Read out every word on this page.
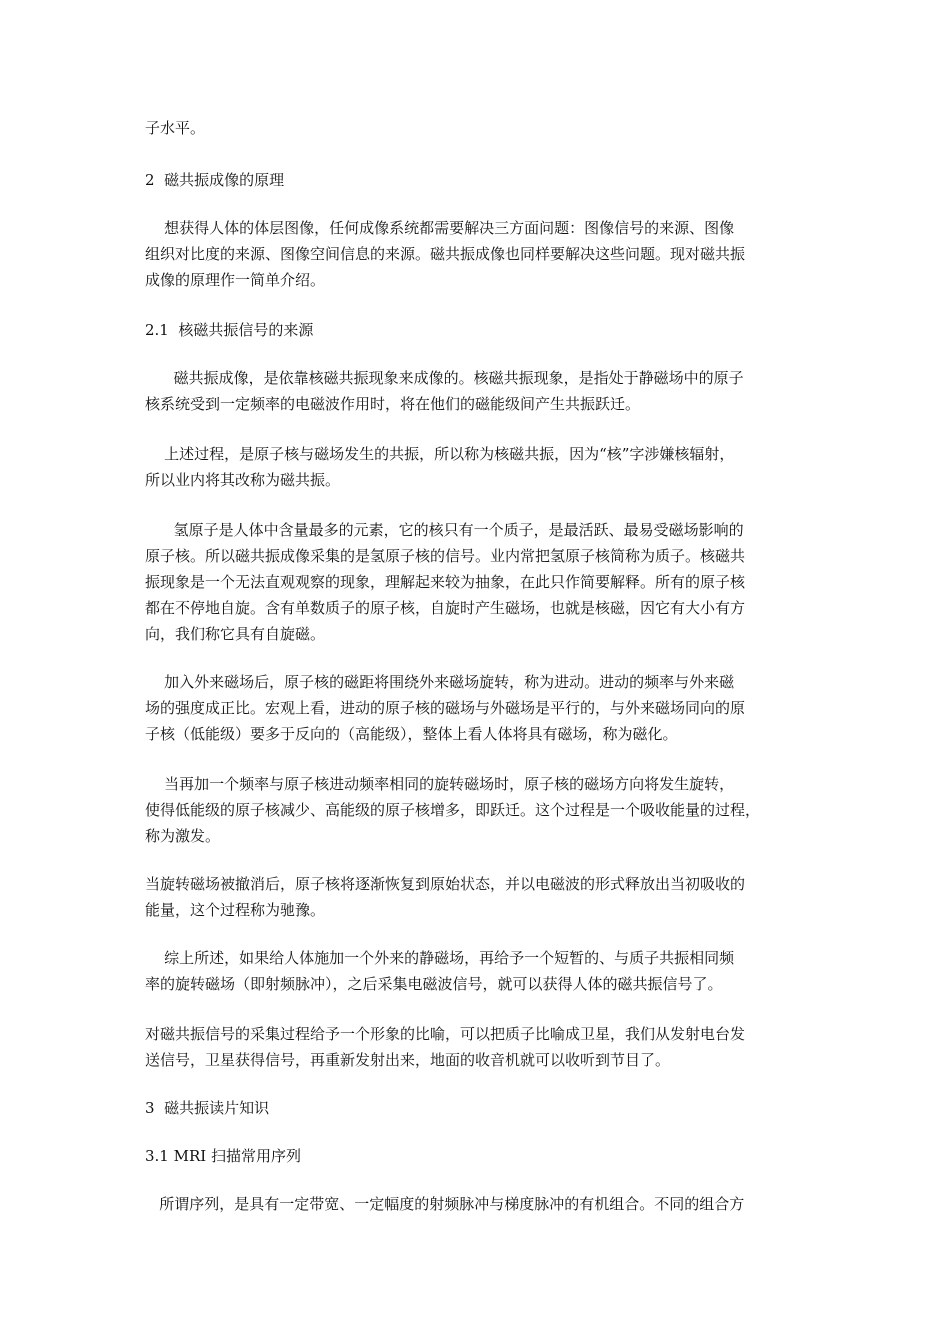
子水平。
2  磁共振成像的原理
想获得人体的体层图像，任何成像系统都需要解决三方面问题：图像信号的来源、图像
组织对比度的来源、图像空间信息的来源。磁共振成像也同样要解决这些问题。现对磁共振
成像的原理作一简单介绍。
2.1  核磁共振信号的来源
磁共振成像，是依靠核磁共振现象来成像的。核磁共振现象，是指处于静磁场中的原子
核系统受到一定频率的电磁波作用时，将在他们的磁能级间产生共振跃迁。
上述过程，是原子核与磁场发生的共振，所以称为核磁共振，因为“核”字涉嫌核辐射，
所以业内将其改称为磁共振。
氢原子是人体中含量最多的元素，它的核只有一个质子，是最活跃、最易受磁场影响的
原子核。所以磁共振成像采集的是氢原子核的信号。业内常把氢原子核简称为质子。核磁共
振现象是一个无法直观观察的现象，理解起来较为抽象，在此只作简要解释。所有的原子核
都在不停地自旋。含有单数质子的原子核，自旋时产生磁场，也就是核磁，因它有大小有方
向，我们称它具有自旋磁。
加入外来磁场后，原子核的磁距将围绕外来磁场旋转，称为进动。进动的频率与外来磁
场的强度成正比。宏观上看，进动的原子核的磁场与外磁场是平行的，与外来磁场同向的原
子核（低能级）要多于反向的（高能级），整体上看人体将具有磁场，称为磁化。
当再加一个频率与原子核进动频率相同的旋转磁场时，原子核的磁场方向将发生旋转，
使得低能级的原子核减少、高能级的原子核增多，即跃迁。这个过程是一个吸收能量的过程，
称为激发。
当旋转磁场被撤消后，原子核将逐渐恢复到原始状态，并以电磁波的形式释放出当初吸收的
能量，这个过程称为驰豫。
综上所述，如果给人体施加一个外来的静磁场，再给予一个短暂的、与质子共振相同频
率的旋转磁场（即射频脉冲），之后采集电磁波信号，就可以获得人体的磁共振信号了。
对磁共振信号的采集过程给予一个形象的比喻，可以把质子比喻成卫星，我们从发射电台发
送信号，卫星获得信号，再重新发射出来，地面的收音机就可以收听到节目了。
3  磁共振读片知识
3.1 MRI 扫描常用序列
所谓序列，是具有一定带宽、一定幅度的射频脉冲与梯度脉冲的有机组合。不同的组合方
